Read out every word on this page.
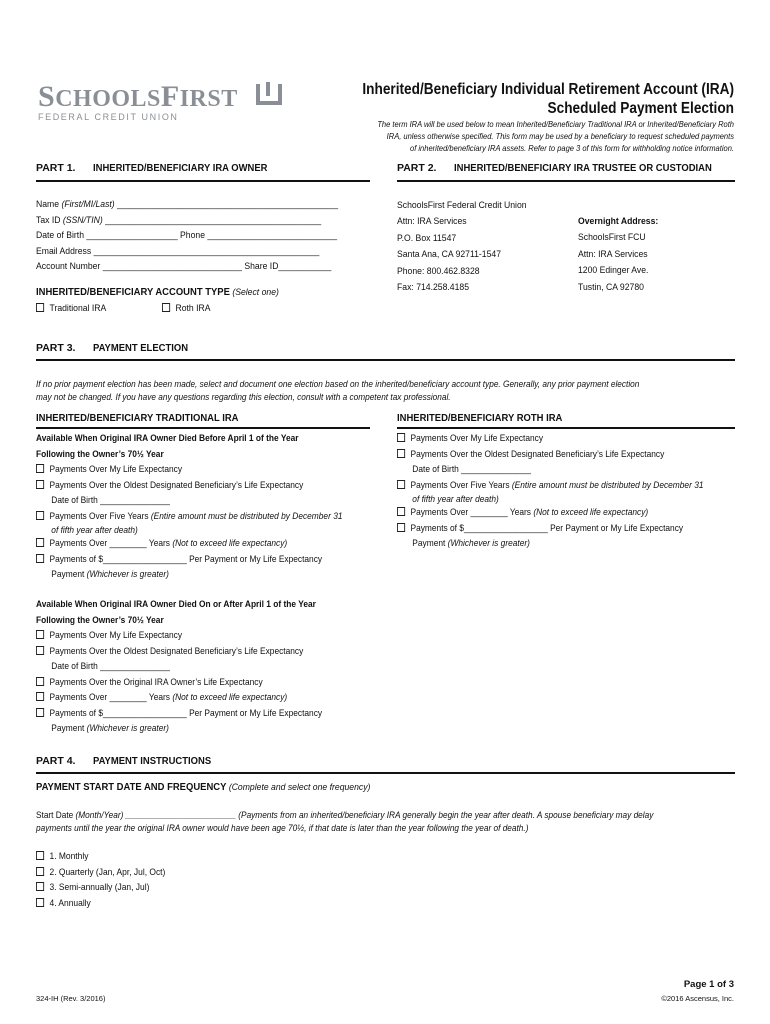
SCHOOLSFIRST
FEDERAL CREDIT UNION
Inherited/Beneficiary Individual Retirement Account (IRA)
Scheduled Payment Election
The term IRA will be used below to mean Inherited/Beneficiary Traditional IRA or Inherited/Beneficiary Roth
IRA, unless otherwise specified. This form may be used by a beneficiary to request scheduled payments
of inherited/beneficiary IRA assets. Refer to page 3 of this form for withholding notice information.
PART 1. INHERITED/BENEFICIARY IRA OWNER
Name (First/MI/Last) ______________________________________________
Tax ID (SSN/TIN) _____________________________________________
Date of Birth ___________________ Phone ___________________________
Email Address _______________________________________________
Account Number _____________________________ Share ID___________
INHERITED/BENEFICIARY ACCOUNT TYPE (Select one)
Traditional IRA	Roth IRA
PART 2. INHERITED/BENEFICIARY IRA TRUSTEE OR CUSTODIAN
SchoolsFirst Federal Credit Union
Attn: IRA Services
P.O. Box 11547
Santa Ana, CA 92711-1547
Phone: 800.462.8328
Fax: 714.258.4185
Overnight Address:
SchoolsFirst FCU
Attn: IRA Services
1200 Edinger Ave.
Tustin, CA 92780
PART 3. PAYMENT ELECTION
If no prior payment election has been made, select and document one election based on the inherited/beneficiary account type. Generally, any prior payment election
may not be changed. If you have any questions regarding this election, consult with a competent tax professional.
INHERITED/BENEFICIARY TRADITIONAL IRA	INHERITED/BENEFICIARY ROTH IRA
Available When Original IRA Owner Died Before April 1 of the Year
Following the Owner’s 70½ Year
Payments Over My Life Expectancy
Payments Over the Oldest Designated Beneficiary’s Life Expectancy
Date of Birth _______________
Payments Over Five Years (Entire amount must be distributed by December 31
of fifth year after death)
Payments Over ________ Years (Not to exceed life expectancy)
Payments of $__________________ Per Payment or My Life Expectancy
Payment (Whichever is greater)
Payments Over My Life Expectancy
Payments Over the Oldest Designated Beneficiary’s Life Expectancy
Date of Birth _______________
Payments Over Five Years (Entire amount must be distributed by December 31
of fifth year after death)
Payments Over ________ Years (Not to exceed life expectancy)
Payments of $__________________ Per Payment or My Life Expectancy
Payment (Whichever is greater)
Available When Original IRA Owner Died On or After April 1 of the Year
Following the Owner’s 70½ Year
Payments Over My Life Expectancy
Payments Over the Oldest Designated Beneficiary’s Life Expectancy
Date of Birth _______________
Payments Over the Original IRA Owner’s Life Expectancy
Payments Over ________ Years (Not to exceed life expectancy)
Payments of $__________________ Per Payment or My Life Expectancy
Payment (Whichever is greater)
PART 4. PAYMENT INSTRUCTIONS
PAYMENT START DATE AND FREQUENCY (Complete and select one frequency)
Start Date (Month/Year) ________________________ (Payments from an inherited/beneficiary IRA generally begin the year after death. A spouse beneficiary may delay
payments until the year the original IRA owner would have been age 70½, if that date is later than the year following the year of death.)
1. Monthly
2. Quarterly (Jan, Apr, Jul, Oct)
3. Semi-annually (Jan, Jul)
4. Annually
324-IH (Rev. 3/2016)
Page 1 of 3
©2016 Ascensus, Inc.
